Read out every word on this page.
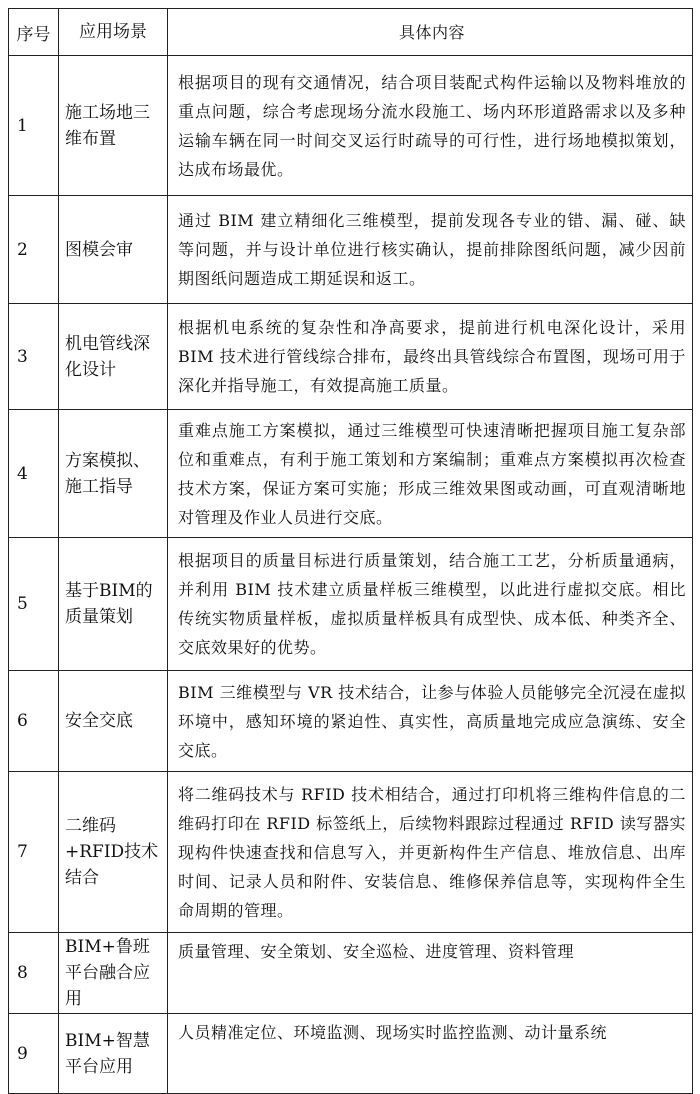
序号	应用场景	具体内容
1	施工场地三维布置	根据项目的现有交通情况，结合项目装配式构件运输以及物料堆放的重点问题，综合考虑现场分流水段施工、场内环形道路需求以及多种运输车辆在同一时间交叉运行时疏导的可行性，进行场地模拟策划，达成布场最优。
2	图模会审	通过 BIM 建立精细化三维模型，提前发现各专业的错、漏、碰、缺等问题，并与设计单位进行核实确认，提前排除图纸问题，减少因前期图纸问题造成工期延误和返工。
3	机电管线深化设计	根据机电系统的复杂性和净高要求，提前进行机电深化设计，采用 BIM 技术进行管线综合排布，最终出具管线综合布置图，现场可用于深化并指导施工，有效提高施工质量。
4	方案模拟、施工指导	重难点施工方案模拟，通过三维模型可快速清晰把握项目施工复杂部位和重难点，有利于施工策划和方案编制；重难点方案模拟再次检查技术方案，保证方案可实施；形成三维效果图或动画，可直观清晰地对管理及作业人员进行交底。
5	基于BIM的质量策划	根据项目的质量目标进行质量策划，结合施工工艺，分析质量通病，并利用 BIM 技术建立质量样板三维模型，以此进行虚拟交底。相比传统实物质量样板，虚拟质量样板具有成型快、成本低、种类齐全、交底效果好的优势。
6	安全交底	BIM 三维模型与 VR 技术结合，让参与体验人员能够完全沉浸在虚拟环境中，感知环境的紧迫性、真实性，高质量地完成应急演练、安全交底。
7	二维码+RFID技术结合	将二维码技术与 RFID 技术相结合，通过打印机将三维构件信息的二维码打印在 RFID 标签纸上，后续物料跟踪过程通过 RFID 读写器实现构件快速查找和信息写入，并更新构件生产信息、堆放信息、出库时间、记录人员和附件、安装信息、维修保养信息等，实现构件全生命周期的管理。
8	BIM+鲁班平台融合应用	质量管理、安全策划、安全巡检、进度管理、资料管理
9	BIM+智慧平台应用	人员精准定位、环境监测、现场实时监控监测、动计量系统
